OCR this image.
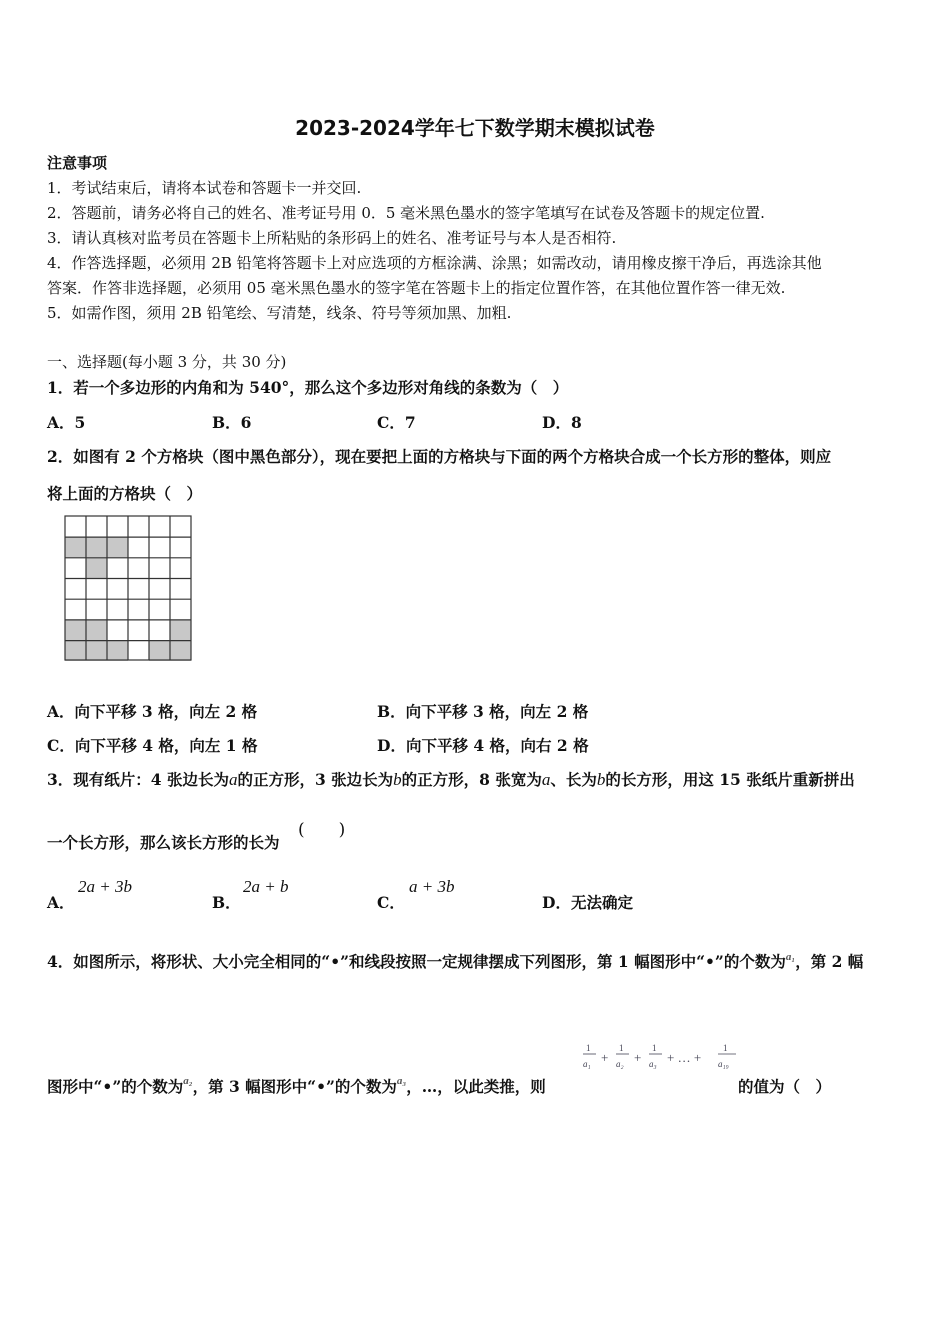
2023-2024学年七下数学期末模拟试卷
注意事项
1．考试结束后，请将本试卷和答题卡一并交回.
2．答题前，请务必将自己的姓名、准考证号用 0．5 毫米黑色墨水的签字笔填写在试卷及答题卡的规定位置.
3．请认真核对监考员在答题卡上所粘贴的条形码上的姓名、准考证号与本人是否相符.
4．作答选择题，必须用 2B 铅笔将答题卡上对应选项的方框涂满、涂黑；如需改动，请用橡皮擦干净后，再选涂其他
答案．作答非选择题，必须用 05 毫米黑色墨水的签字笔在答题卡上的指定位置作答，在其他位置作答一律无效.
5．如需作图，须用 2B 铅笔绘、写清楚，线条、符号等须加黑、加粗.
一、选择题(每小题 3 分，共 30 分)
1．若一个多边形的内角和为 540°，那么这个多边形对角线的条数为（　）
A．5	B．6	C．7	D．8
2．如图有 2 个方格块（图中黑色部分），现在要把上面的方格块与下面的两个方格块合成一个长方形的整体，则应
将上面的方格块（　）
A．向下平移 3 格，向左 2 格	B．向下平移 3 格，向左 2 格
C．向下平移 4 格，向左 1 格	D．向下平移 4 格，向右 2 格
3．现有纸片：4 张边长为a的正方形，3 张边长为b的正方形，8 张宽为a、长为b的长方形，用这 15 张纸片重新拼出
一个长方形，那么该长方形的长为
(　　)
A．
2a + 3b
B．
2a + b
C．
a + 3b
D．无法确定
4．如图所示，将形状、大小完全相同的“•”和线段按照一定规律摆成下列图形，第 1 幅图形中“•”的个数为$^{a_1}$，第 2 幅
图形中“•”的个数为$^{a_2}$，第 3 幅图形中“•”的个数为$^{a_3}$，…，以此类推，则
1
a₁ +
1
a₂ +
1
a₃ + … +
1
a₁₉
的值为（　）
